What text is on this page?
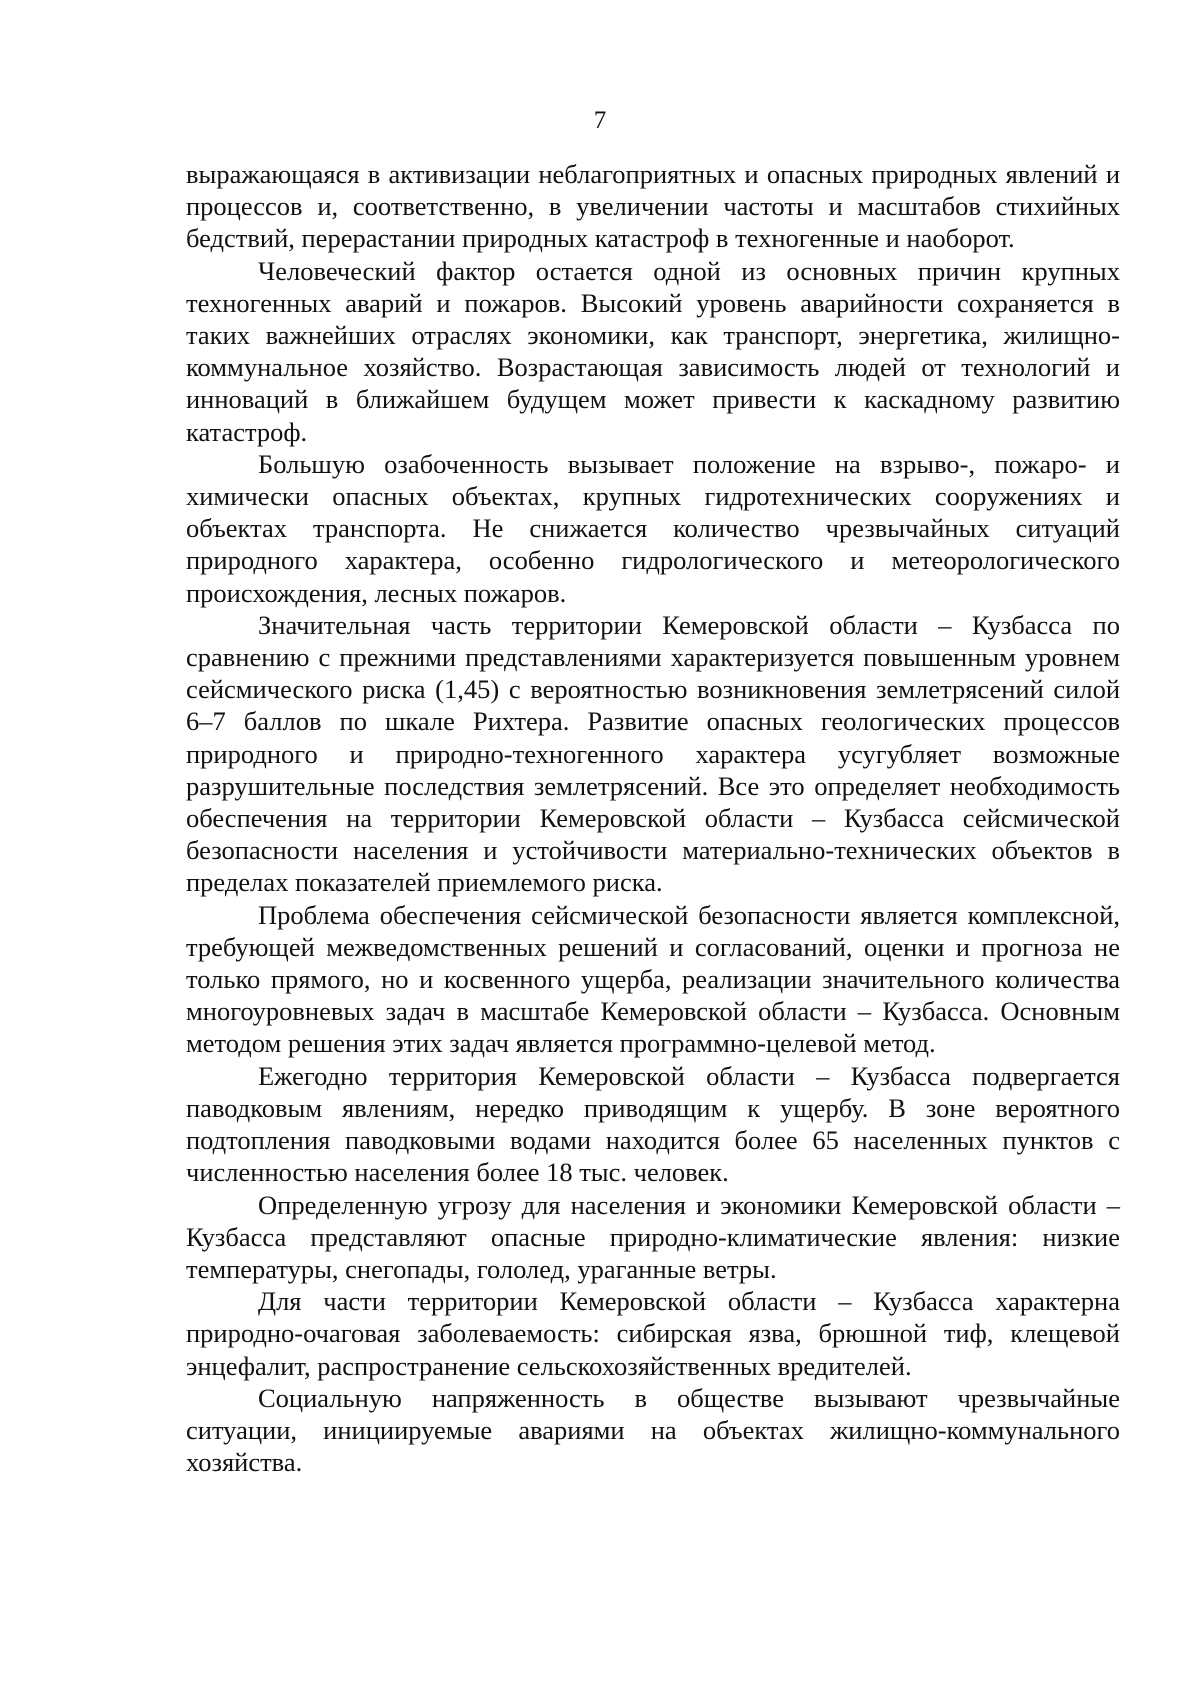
7

выражающаяся в активизации неблагоприятных и опасных природных явлений и процессов и, соответственно, в увеличении частоты и масштабов стихийных бедствий, перерастании природных катастроф в техногенные и наоборот.

Человеческий фактор остается одной из основных причин крупных техногенных аварий и пожаров. Высокий уровень аварийности сохраняется в таких важнейших отраслях экономики, как транспорт, энергетика, жилищно-коммунальное хозяйство. Возрастающая зависимость людей от технологий и инноваций в ближайшем будущем может привести к каскадному развитию катастроф.

Большую озабоченность вызывает положение на взрыво-, пожаро- и химически опасных объектах, крупных гидротехнических сооружениях и объектах транспорта. Не снижается количество чрезвычайных ситуаций природного характера, особенно гидрологического и метеорологического происхождения, лесных пожаров.

Значительная часть территории Кемеровской области – Кузбасса по сравнению с прежними представлениями характеризуется повышенным уровнем сейсмического риска (1,45) с вероятностью возникновения землетрясений силой 6–7 баллов по шкале Рихтера. Развитие опасных геологических процессов природного и природно-техногенного характера усугубляет возможные разрушительные последствия землетрясений. Все это определяет необходимость обеспечения на территории Кемеровской области – Кузбасса сейсмической безопасности населения и устойчивости материально-технических объектов в пределах показателей приемлемого риска.

Проблема обеспечения сейсмической безопасности является комплексной, требующей межведомственных решений и согласований, оценки и прогноза не только прямого, но и косвенного ущерба, реализации значительного количества многоуровневых задач в масштабе Кемеровской области – Кузбасса. Основным методом решения этих задач является программно-целевой метод.

Ежегодно территория Кемеровской области – Кузбасса подвергается паводковым явлениям, нередко приводящим к ущербу. В зоне вероятного подтопления паводковыми водами находится более 65 населенных пунктов с численностью населения более 18 тыс. человек.

Определенную угрозу для населения и экономики Кемеровской области – Кузбасса представляют опасные природно-климатические явления: низкие температуры, снегопады, гололед, ураганные ветры.

Для части территории Кемеровской области – Кузбасса характерна природно-очаговая заболеваемость: сибирская язва, брюшной тиф, клещевой энцефалит, распространение сельскохозяйственных вредителей.

Социальную напряженность в обществе вызывают чрезвычайные ситуации, инициируемые авариями на объектах жилищно-коммунального хозяйства.
